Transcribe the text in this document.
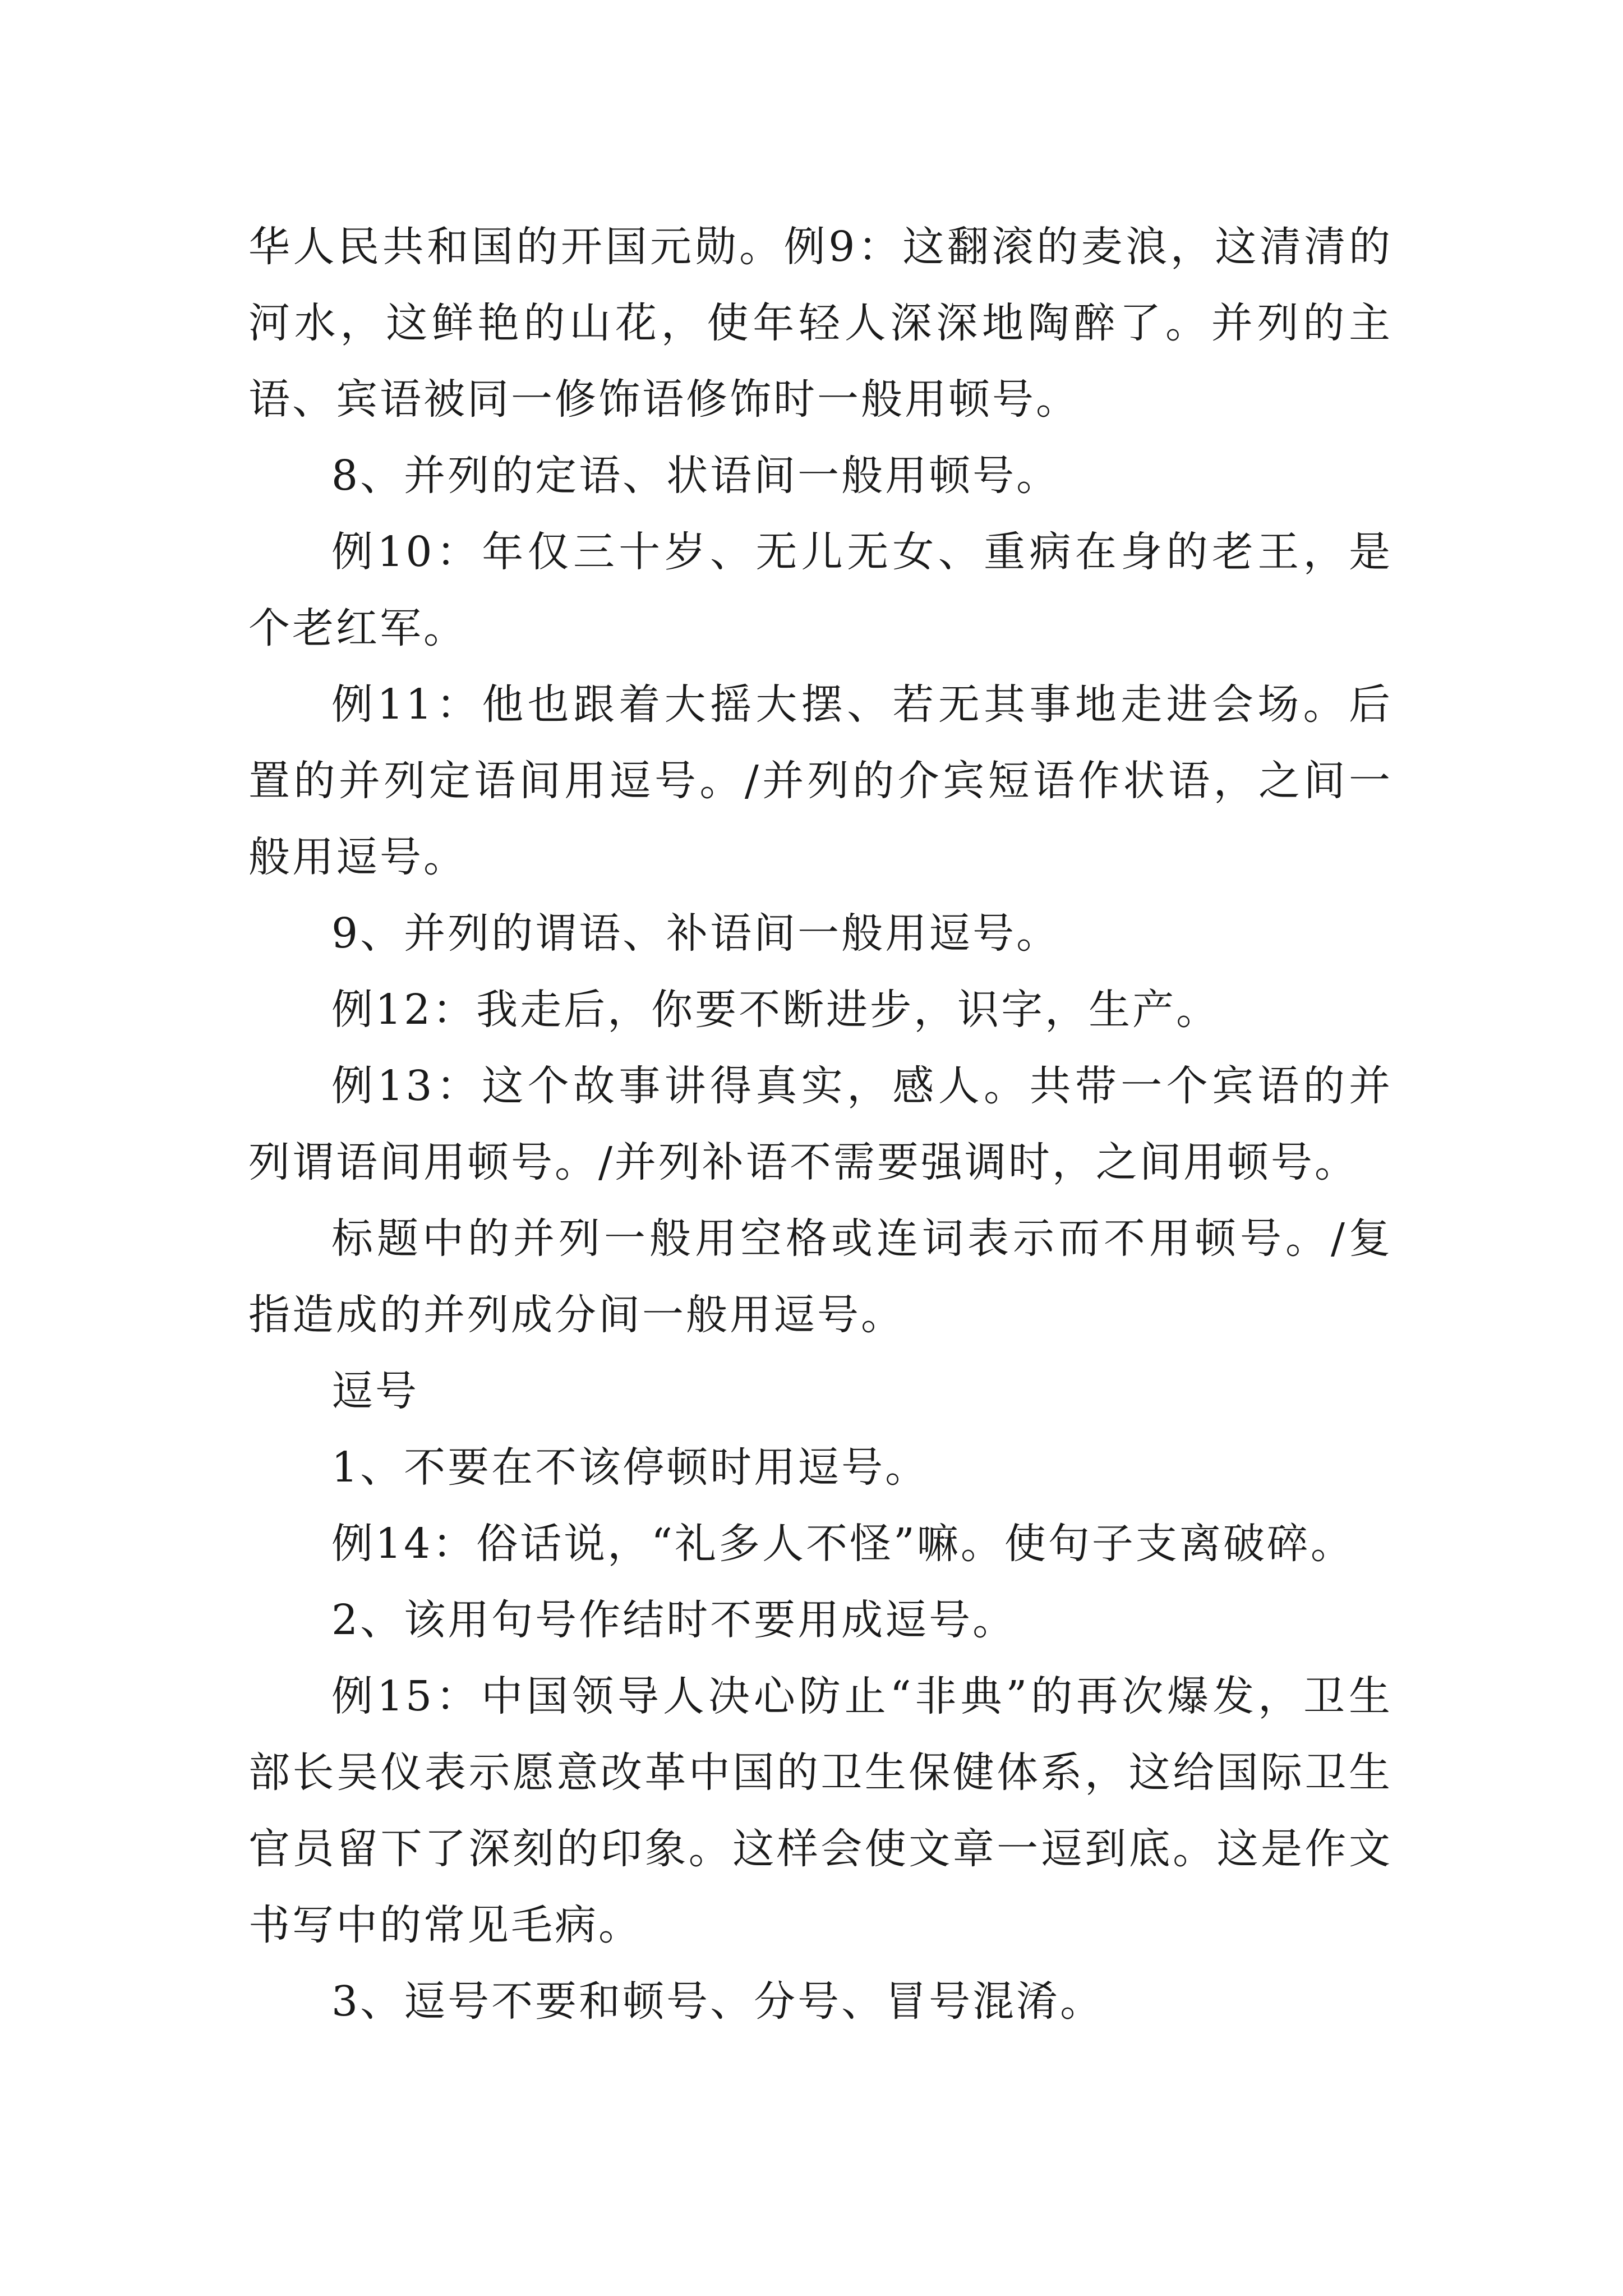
华人民共和国的开国元勋。例9：这翻滚的麦浪，这清清的河水，这鲜艳的山花，使年轻人深深地陶醉了。并列的主语、宾语被同一修饰语修饰时一般用顿号。

8、并列的定语、状语间一般用顿号。

例10：年仅三十岁、无儿无女、重病在身的老王，是个老红军。

例11：他也跟着大摇大摆、若无其事地走进会场。后置的并列定语间用逗号。/并列的介宾短语作状语，之间一般用逗号。

9、并列的谓语、补语间一般用逗号。

例12：我走后，你要不断进步，识字，生产。

例13：这个故事讲得真实，感人。共带一个宾语的并列谓语间用顿号。/并列补语不需要强调时，之间用顿号。

标题中的并列一般用空格或连词表示而不用顿号。/复指造成的并列成分间一般用逗号。

逗号

1、不要在不该停顿时用逗号。

例14：俗话说，“礼多人不怪”嘛。使句子支离破碎。

2、该用句号作结时不要用成逗号。

例15：中国领导人决心防止“非典”的再次爆发，卫生部长吴仪表示愿意改革中国的卫生保健体系，这给国际卫生官员留下了深刻的印象。这样会使文章一逗到底。这是作文书写中的常见毛病。

3、逗号不要和顿号、分号、冒号混淆。
